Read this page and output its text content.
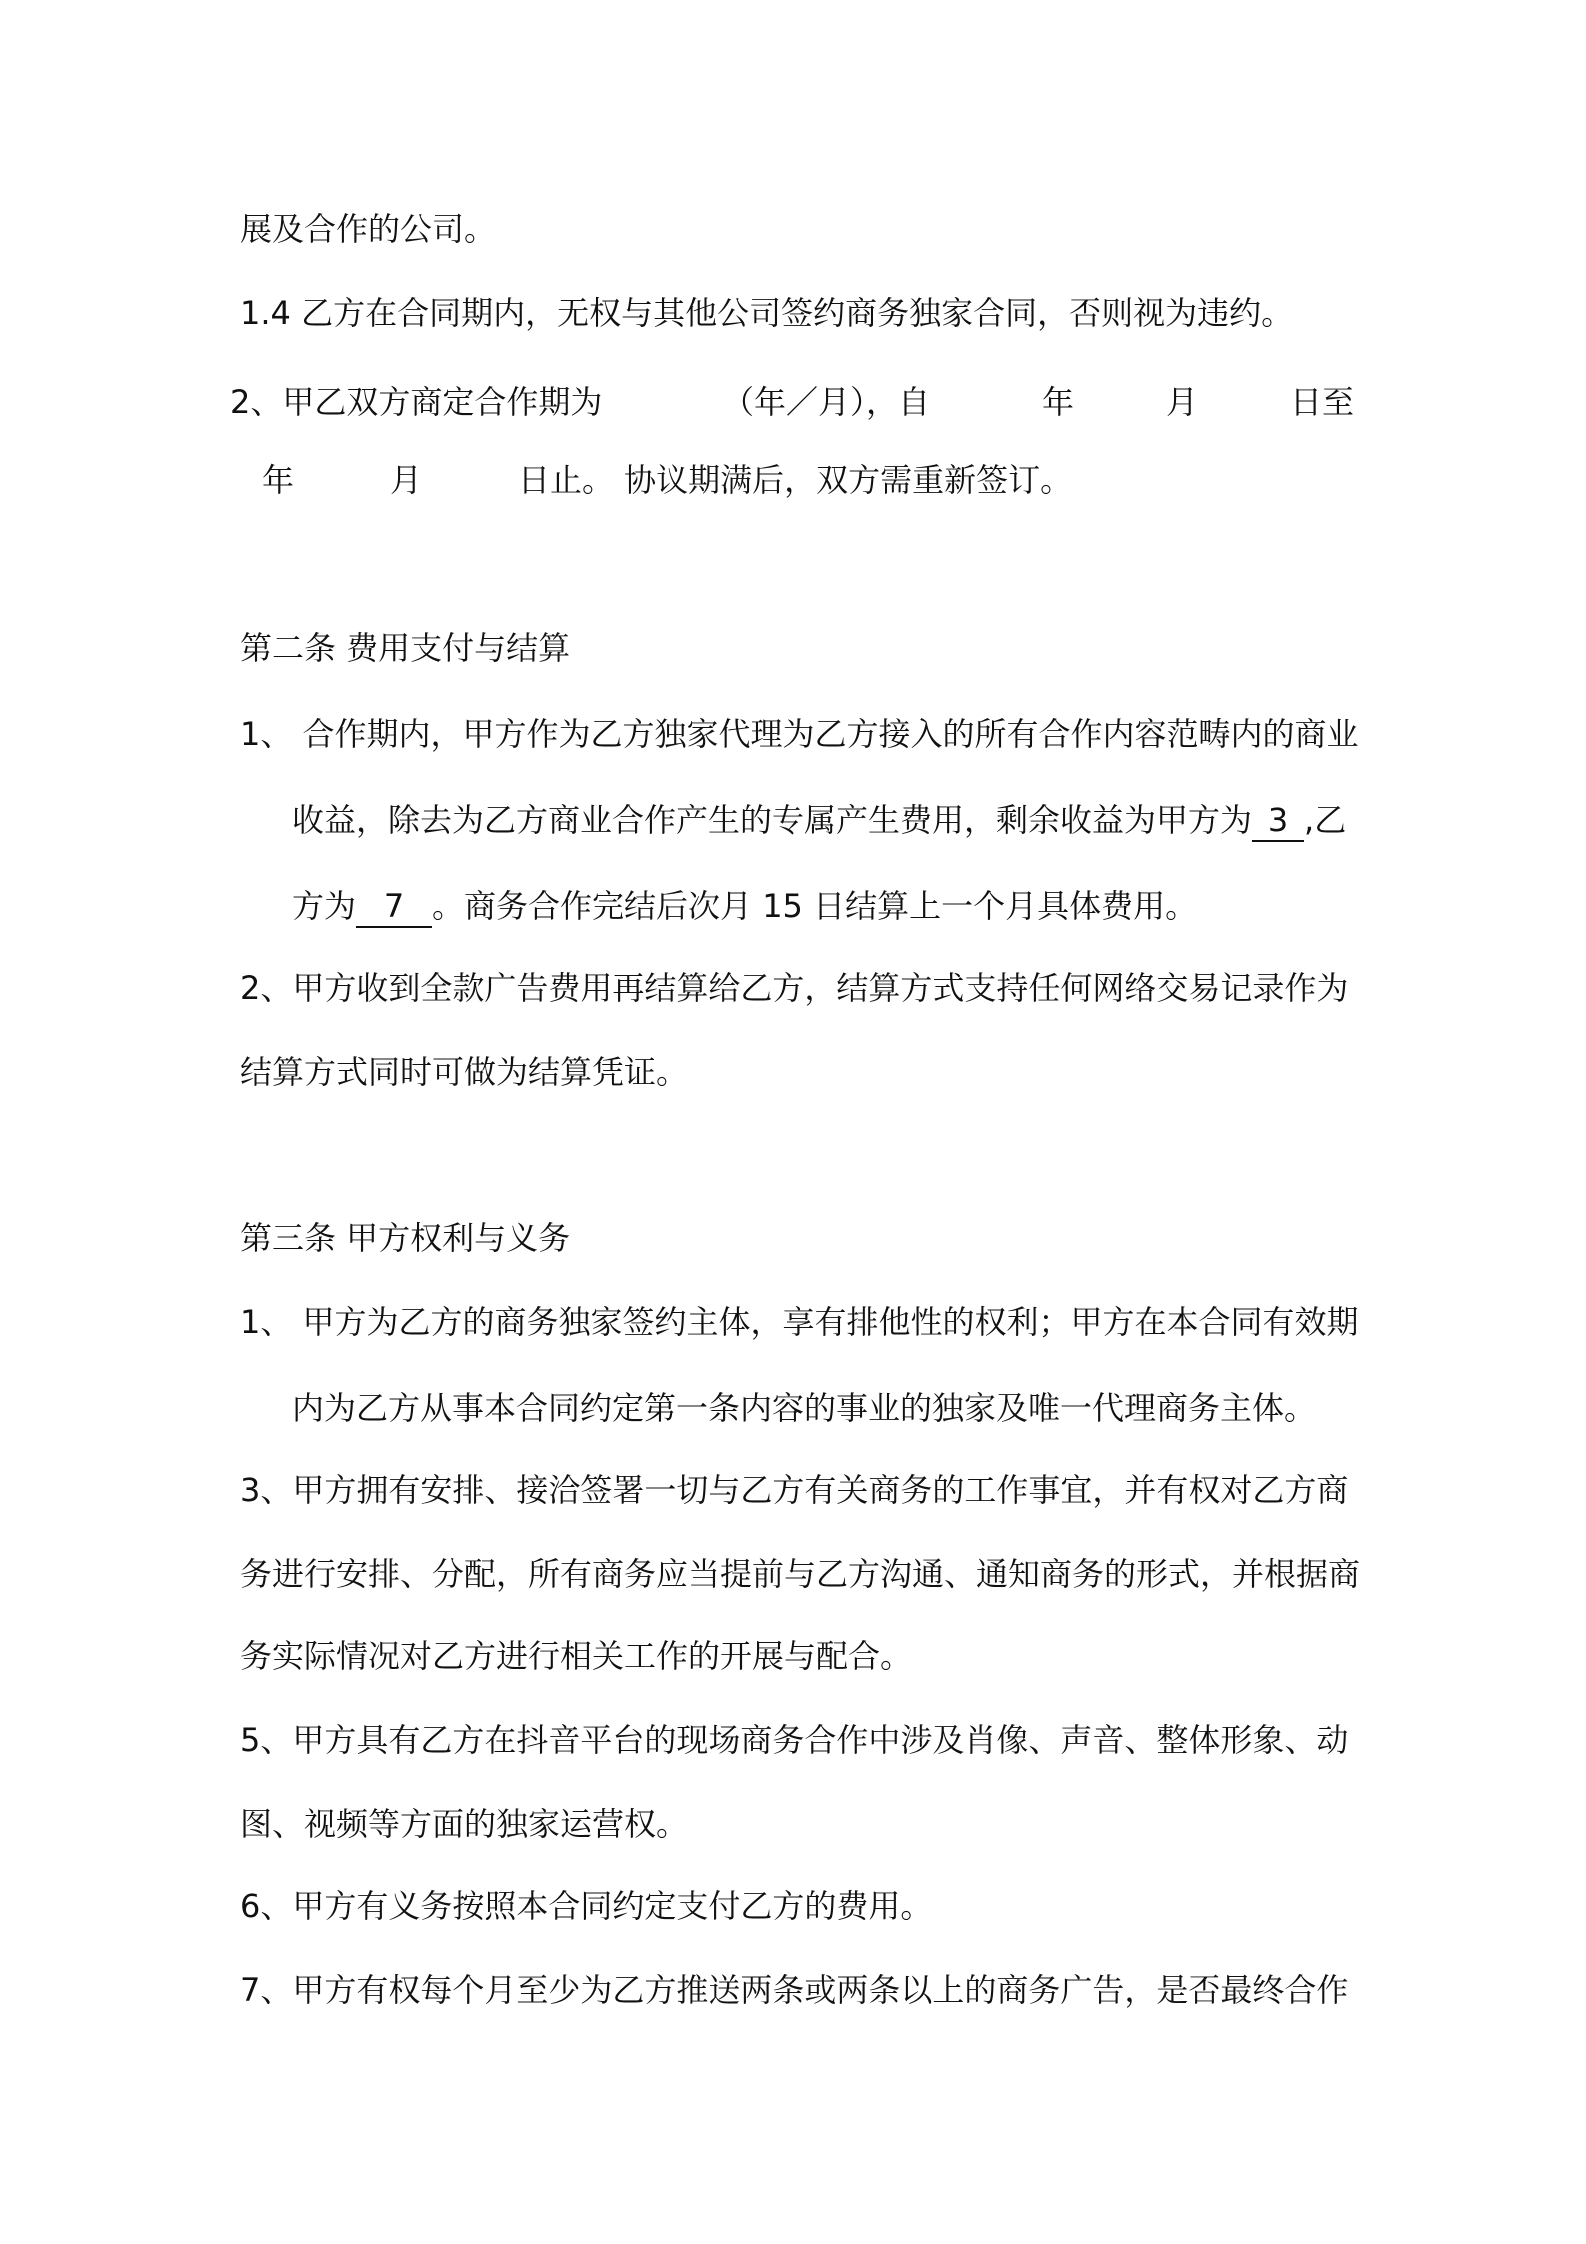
展及合作的公司。
1.4 乙方在合同期内，无权与其他公司签约商务独家合同，否则视为违约。
2、甲乙双方商定合作期为	（年／月），自	年	月	日至
年	月	日止。 协议期满后，双方需重新签订。
第二条 费用支付与结算
1、 合作期内，甲方作为乙方独家代理为乙方接入的所有合作内容范畴内的商业
收益，除去为乙方商业合作产生的专属产生费用，剩余收益为甲方为 3 ,乙
方为 7 。商务合作完结后次月 15 日结算上一个月具体费用。
2、甲方收到全款广告费用再结算给乙方，结算方式支持任何网络交易记录作为
结算方式同时可做为结算凭证。
第三条 甲方权利与义务
1、 甲方为乙方的商务独家签约主体，享有排他性的权利；甲方在本合同有效期
内为乙方从事本合同约定第一条内容的事业的独家及唯一代理商务主体。
3、甲方拥有安排、接洽签署一切与乙方有关商务的工作事宜，并有权对乙方商
务进行安排、分配，所有商务应当提前与乙方沟通、通知商务的形式，并根据商
务实际情况对乙方进行相关工作的开展与配合。
5、甲方具有乙方在抖音平台的现场商务合作中涉及肖像、声音、整体形象、动
图、视频等方面的独家运营权。
6、甲方有义务按照本合同约定支付乙方的费用。
7、甲方有权每个月至少为乙方推送两条或两条以上的商务广告，是否最终合作
